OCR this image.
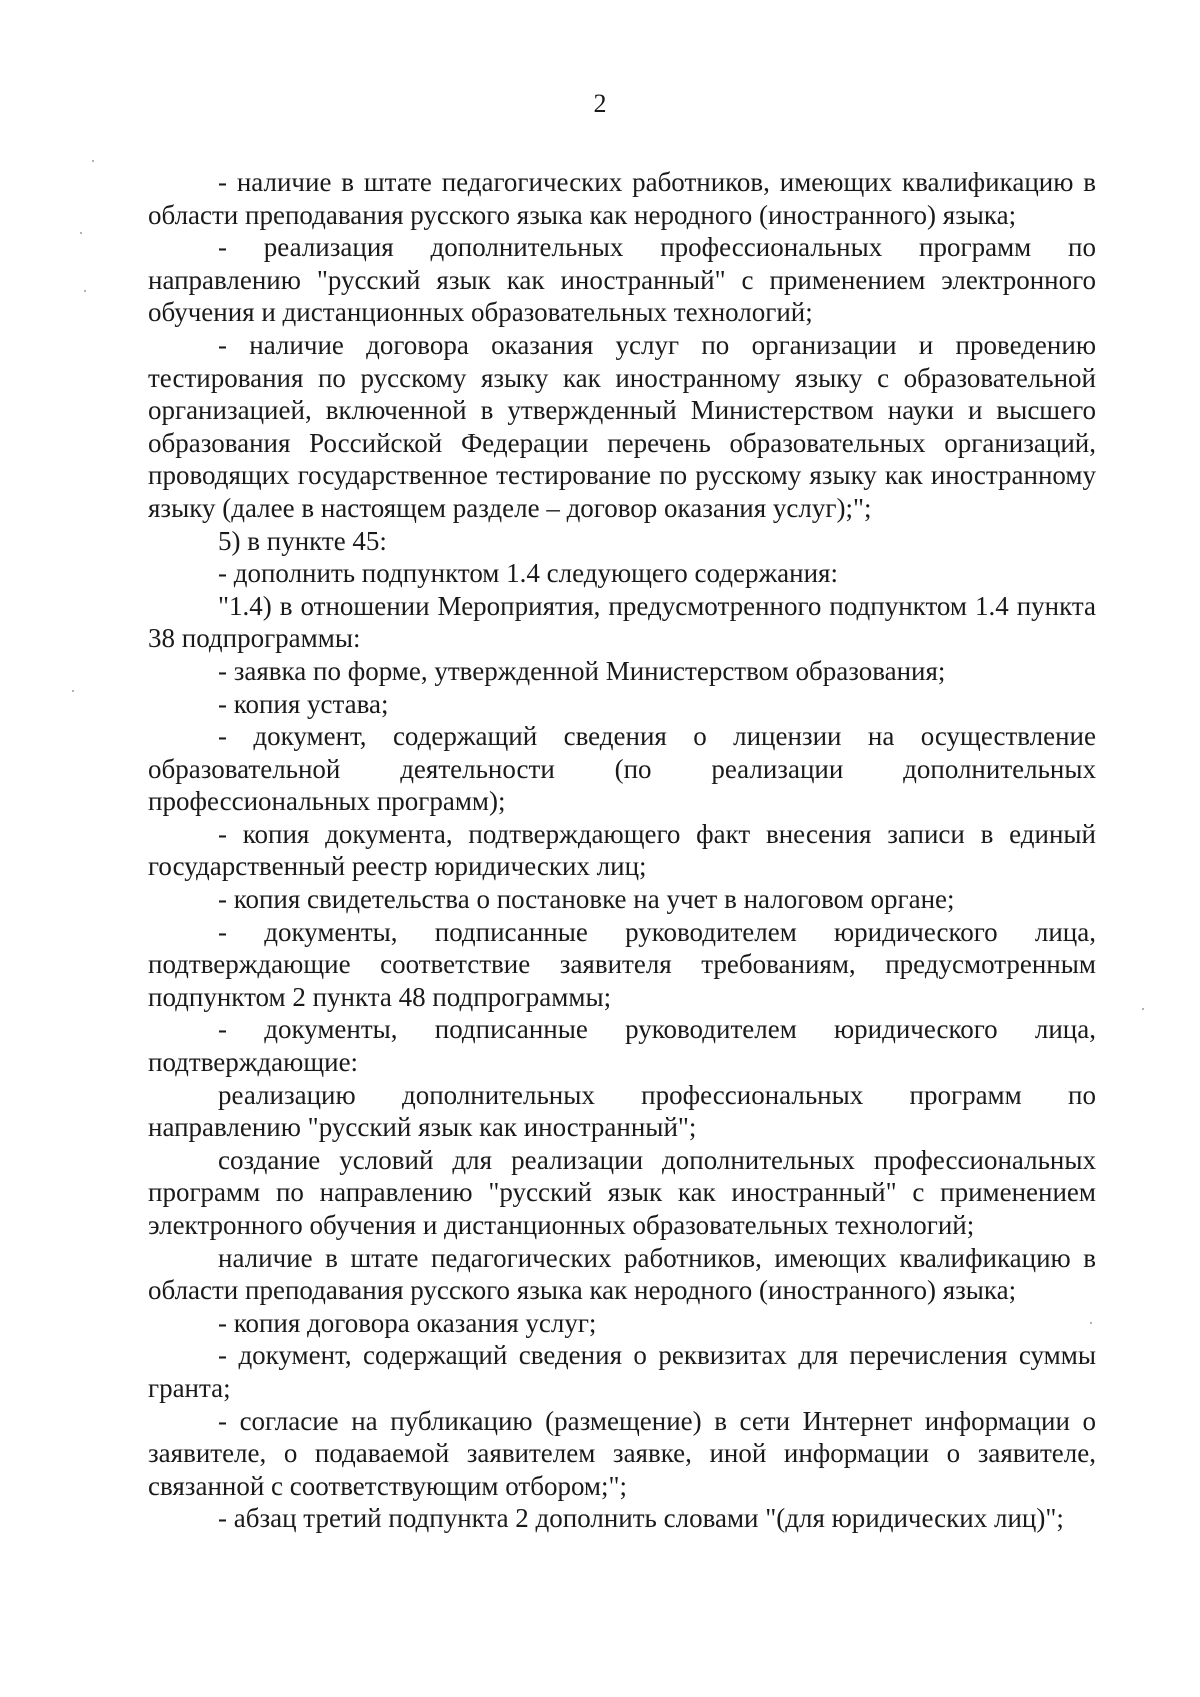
2

- наличие в штате педагогических работников, имеющих квалификацию в области преподавания русского языка как неродного (иностранного) языка;

- реализация дополнительных профессиональных программ по направлению "русский язык как иностранный" с применением электронного обучения и дистанционных образовательных технологий;

- наличие договора оказания услуг по организации и проведению тестирования по русскому языку как иностранному языку с образовательной организацией, включенной в утвержденный Министерством науки и высшего образования Российской Федерации перечень образовательных организаций, проводящих государственное тестирование по русскому языку как иностранному языку (далее в настоящем разделе – договор оказания услуг);";

5) в пункте 45:

- дополнить подпунктом 1.4 следующего содержания:

"1.4) в отношении Мероприятия, предусмотренного подпунктом 1.4 пункта 38 подпрограммы:

- заявка по форме, утвержденной Министерством образования;

- копия устава;

- документ, содержащий сведения о лицензии на осуществление образовательной деятельности (по реализации дополнительных профессиональных программ);

- копия документа, подтверждающего факт внесения записи в единый государственный реестр юридических лиц;

- копия свидетельства о постановке на учет в налоговом органе;

- документы, подписанные руководителем юридического лица, подтверждающие соответствие заявителя требованиям, предусмотренным подпунктом 2 пункта 48 подпрограммы;

- документы, подписанные руководителем юридического лица, подтверждающие:

реализацию дополнительных профессиональных программ по направлению "русский язык как иностранный";

создание условий для реализации дополнительных профессиональных программ по направлению "русский язык как иностранный" с применением электронного обучения и дистанционных образовательных технологий;

наличие в штате педагогических работников, имеющих квалификацию в области преподавания русского языка как неродного (иностранного) языка;

- копия договора оказания услуг;

- документ, содержащий сведения о реквизитах для перечисления суммы гранта;

- согласие на публикацию (размещение) в сети Интернет информации о заявителе, о подаваемой заявителем заявке, иной информации о заявителе, связанной с соответствующим отбором;";

- абзац третий подпункта 2 дополнить словами "(для юридических лиц)";
